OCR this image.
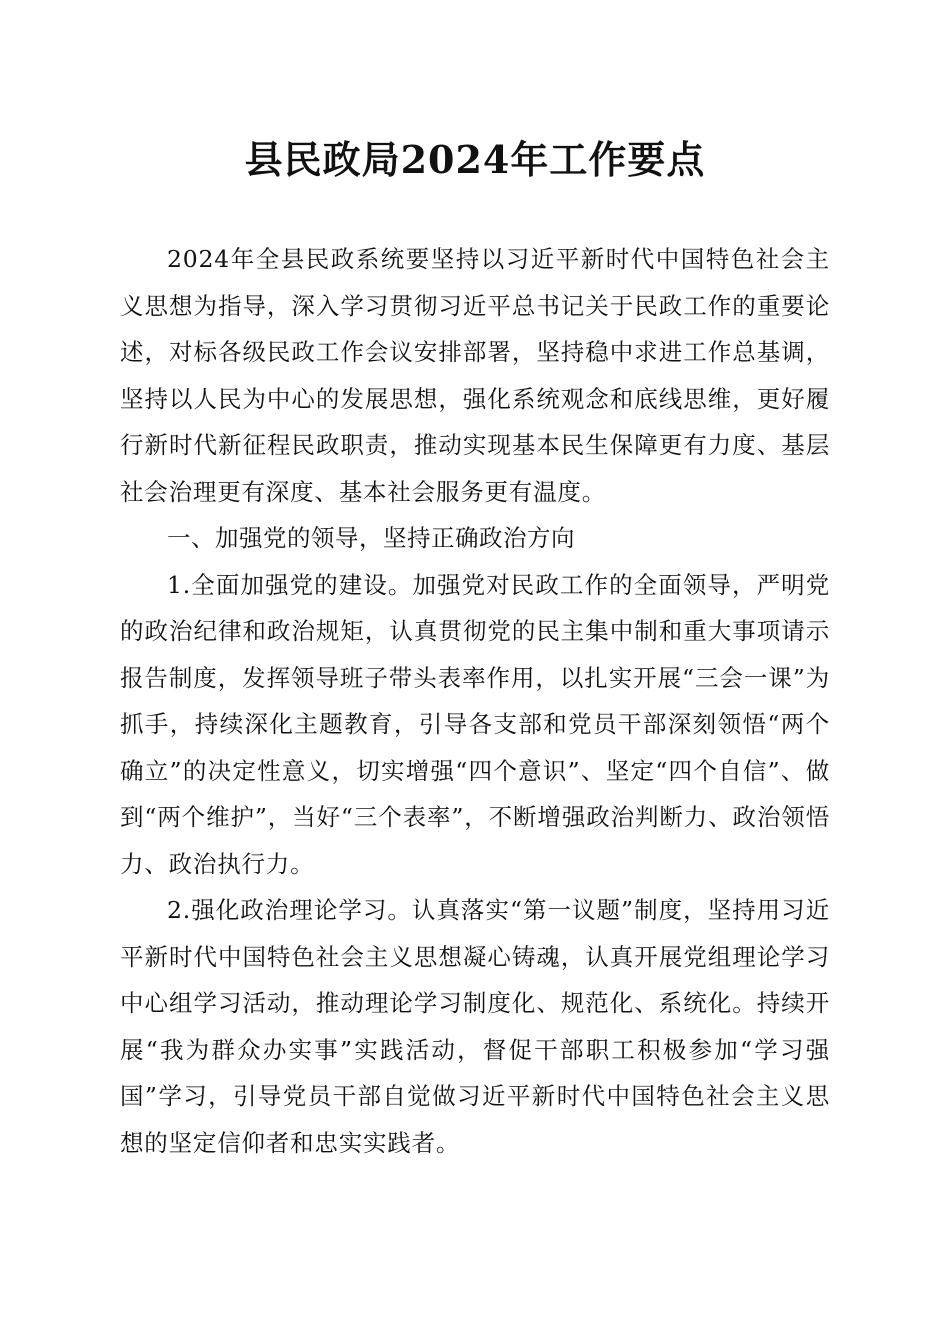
县民政局2024年工作要点

2024年全县民政系统要坚持以习近平新时代中国特色社会主义思想为指导，深入学习贯彻习近平总书记关于民政工作的重要论述，对标各级民政工作会议安排部署，坚持稳中求进工作总基调，坚持以人民为中心的发展思想，强化系统观念和底线思维，更好履行新时代新征程民政职责，推动实现基本民生保障更有力度、基层社会治理更有深度、基本社会服务更有温度。

一、加强党的领导，坚持正确政治方向

1.全面加强党的建设。加强党对民政工作的全面领导，严明党的政治纪律和政治规矩，认真贯彻党的民主集中制和重大事项请示报告制度，发挥领导班子带头表率作用，以扎实开展“三会一课”为抓手，持续深化主题教育，引导各支部和党员干部深刻领悟“两个确立”的决定性意义，切实增强“四个意识”、坚定“四个自信”、做到“两个维护”，当好“三个表率”，不断增强政治判断力、政治领悟力、政治执行力。

2.强化政治理论学习。认真落实“第一议题”制度，坚持用习近平新时代中国特色社会主义思想凝心铸魂，认真开展党组理论学习中心组学习活动，推动理论学习制度化、规范化、系统化。持续开展“我为群众办实事”实践活动，督促干部职工积极参加“学习强国”学习，引导党员干部自觉做习近平新时代中国特色社会主义思想的坚定信仰者和忠实实践者。
